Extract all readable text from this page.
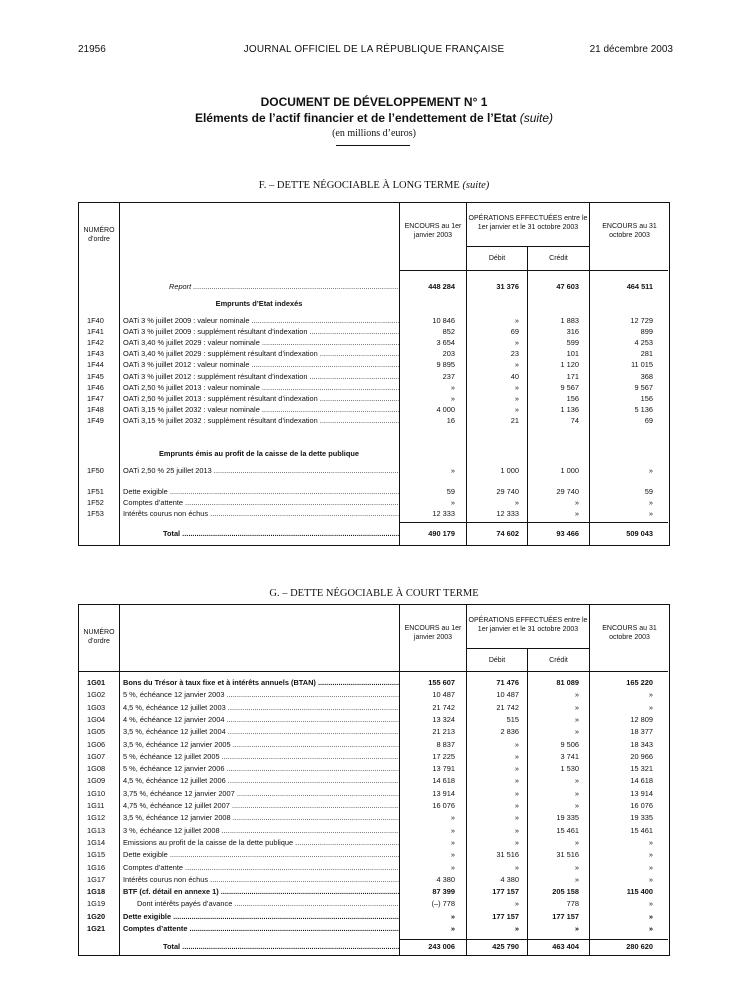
21956	JOURNAL OFFICIEL DE LA RÉPUBLIQUE FRANÇAISE	21 décembre 2003
DOCUMENT DE DÉVELOPPEMENT N° 1
Eléments de l’actif financier et de l’endettement de l’Etat (suite)
(en millions d’euros)
F. – DETTE NÉGOCIABLE À LONG TERME (suite)
NUMÉRO d’ordre
ENCOURS au 1er janvier 2003
OPÉRATIONS EFFECTUÉES entre le 1er janvier et le 31 octobre 2003
Débit	Crédit
ENCOURS au 31 octobre 2003
Report .....	448 284	31 376	47 603	464 511
Emprunts d’Etat indexés
1F40	OATi 3 % juillet 2009 : valeur nominale .....	10 846	»	1 883	12 729
1F41	OATi 3 % juillet 2009 : supplément résultant d’indexation .....	852	69	316	899
1F42	OATi 3,40 % juillet 2029 : valeur nominale .....	3 654	»	599	4 253
1F43	OATi 3,40 % juillet 2029 : supplément résultant d’indexation .....	203	23	101	281
1F44	OATi 3 % juillet 2012 : valeur nominale .....	9 895	»	1 120	11 015
1F45	OATi 3 % juillet 2012 : supplément résultant d’indexation .....	237	40	171	368
1F46	OATi 2,50 % juillet 2013 : valeur nominale .....	»	»	9 567	9 567
1F47	OATi 2,50 % juillet 2013 : supplément résultant d’indexation .....	»	»	156	156
1F48	OATi 3,15 % juillet 2032 : valeur nominale .....	4 000	»	1 136	5 136
1F49	OATi 3,15 % juillet 2032 : supplément résultant d’indexation .....	16	21	74	69
Emprunts émis au profit de la caisse de la dette publique
1F50	OATi 2,50 % 25 juillet 2013 .....	»	1 000	1 000	»
1F51	Dette exigible .....	59	29 740	29 740	59
1F52	Comptes d’attente .....	»	»	»	»
1F53	Intérêts courus non échus .....	12 333	12 333	»	»
Total .....	490 179	74 602	93 466	509 043
G. – DETTE NÉGOCIABLE À COURT TERME
NUMÉRO d’ordre
ENCOURS au 1er janvier 2003
OPÉRATIONS EFFECTUÉES entre le 1er janvier et le 31 octobre 2003
Débit	Crédit
ENCOURS au 31 octobre 2003
1G01 Bons du Trésor à taux fixe et à intérêts annuels (BTAN) .....	155 607	71 476	81 089	165 220
1G02 5 %, échéance 12 janvier 2003 .....	10 487	10 487	»	»
1G03 4,5 %, échéance 12 juillet 2003 .....	21 742	21 742	»	»
1G04 4 %, échéance 12 janvier 2004 .....	13 324	515	»	12 809
1G05 3,5 %, échéance 12 juillet 2004 .....	21 213	2 836	»	18 377
1G06 3,5 %, échéance 12 janvier 2005 .....	8 837	»	9 506	18 343
1G07 5 %, échéance 12 juillet 2005 .....	17 225	»	3 741	20 966
1G08 5 %, échéance 12 janvier 2006 .....	13 791	»	1 530	15 321
1G09 4,5 %, échéance 12 juillet 2006 .....	14 618	»	»	14 618
1G10 3,75 %, échéance 12 janvier 2007 .....	13 914	»	»	13 914
1G11 4,75 %, échéance 12 juillet 2007 .....	16 076	»	»	16 076
1G12 3,5 %, échéance 12 janvier 2008 .....	»	»	19 335	19 335
1G13 3 %, échéance 12 juillet 2008 .....	»	»	15 461	15 461
1G14 Emissions au profit de la caisse de la dette publique .....	»	»	»	»
1G15 Dette exigible .....	»	31 516	31 516	»
1G16 Comptes d’attente .....	»	»	»	»
1G17 Intérêts courus non échus .....	4 380	4 380	»	»
1G18 BTF (cf. détail en annexe 1) .....	87 399	177 157	205 158	115 400
1G19	Dont intérêts payés d’avance .....	(–) 778	»	778	»
1G20 Dette exigible .....	»	177 157	177 157	»
1G21 Comptes d’attente .....	»	»	»	»
Total .....	243 006	425 790	463 404	280 620
